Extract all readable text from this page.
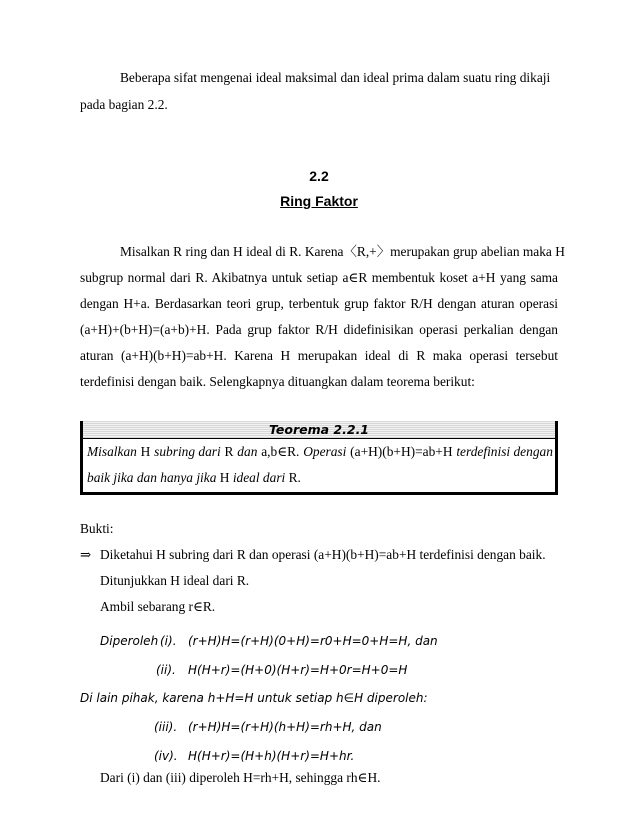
Beberapa sifat mengenai ideal maksimal dan ideal prima dalam suatu ring dikaji
pada bagian 2.2.
2.2
Ring Faktor
Misalkan R ring dan H ideal di R. Karena 〈R,+〉 merupakan grup abelian maka H
subgrup normal dari R. Akibatnya untuk setiap a∈R membentuk koset a+H yang sama
dengan H+a. Berdasarkan teori grup, terbentuk grup faktor R/H dengan aturan operasi
(a+H)+(b+H)=(a+b)+H. Pada grup faktor R/H didefinisikan operasi perkalian dengan
aturan (a+H)(b+H)=ab+H. Karena H merupakan ideal di R maka operasi tersebut
terdefinisi dengan baik. Selengkapnya dituangkan dalam teorema berikut:
Teorema 2.2.1
Misalkan H subring dari R dan a,b∈R. Operasi (a+H)(b+H)=ab+H terdefinisi dengan
baik jika dan hanya jika H ideal dari R.
Bukti:
⇒ Diketahui H subring dari R dan operasi (a+H)(b+H)=ab+H terdefinisi dengan baik.
Ditunjukkan H ideal dari R.
Ambil sebarang r∈R.
Diperoleh (i). (r+H)H=(r+H)(0+H)=r0+H=0+H=H, dan
(ii). H(H+r)=(H+0)(H+r)=H+0r=H+0=H
Di lain pihak, karena h+H=H untuk setiap h∈H diperoleh:
(iii). (r+H)H=(r+H)(h+H)=rh+H, dan
(iv). H(H+r)=(H+h)(H+r)=H+hr.
Dari (i) dan (iii) diperoleh H=rh+H, sehingga rh∈H.
